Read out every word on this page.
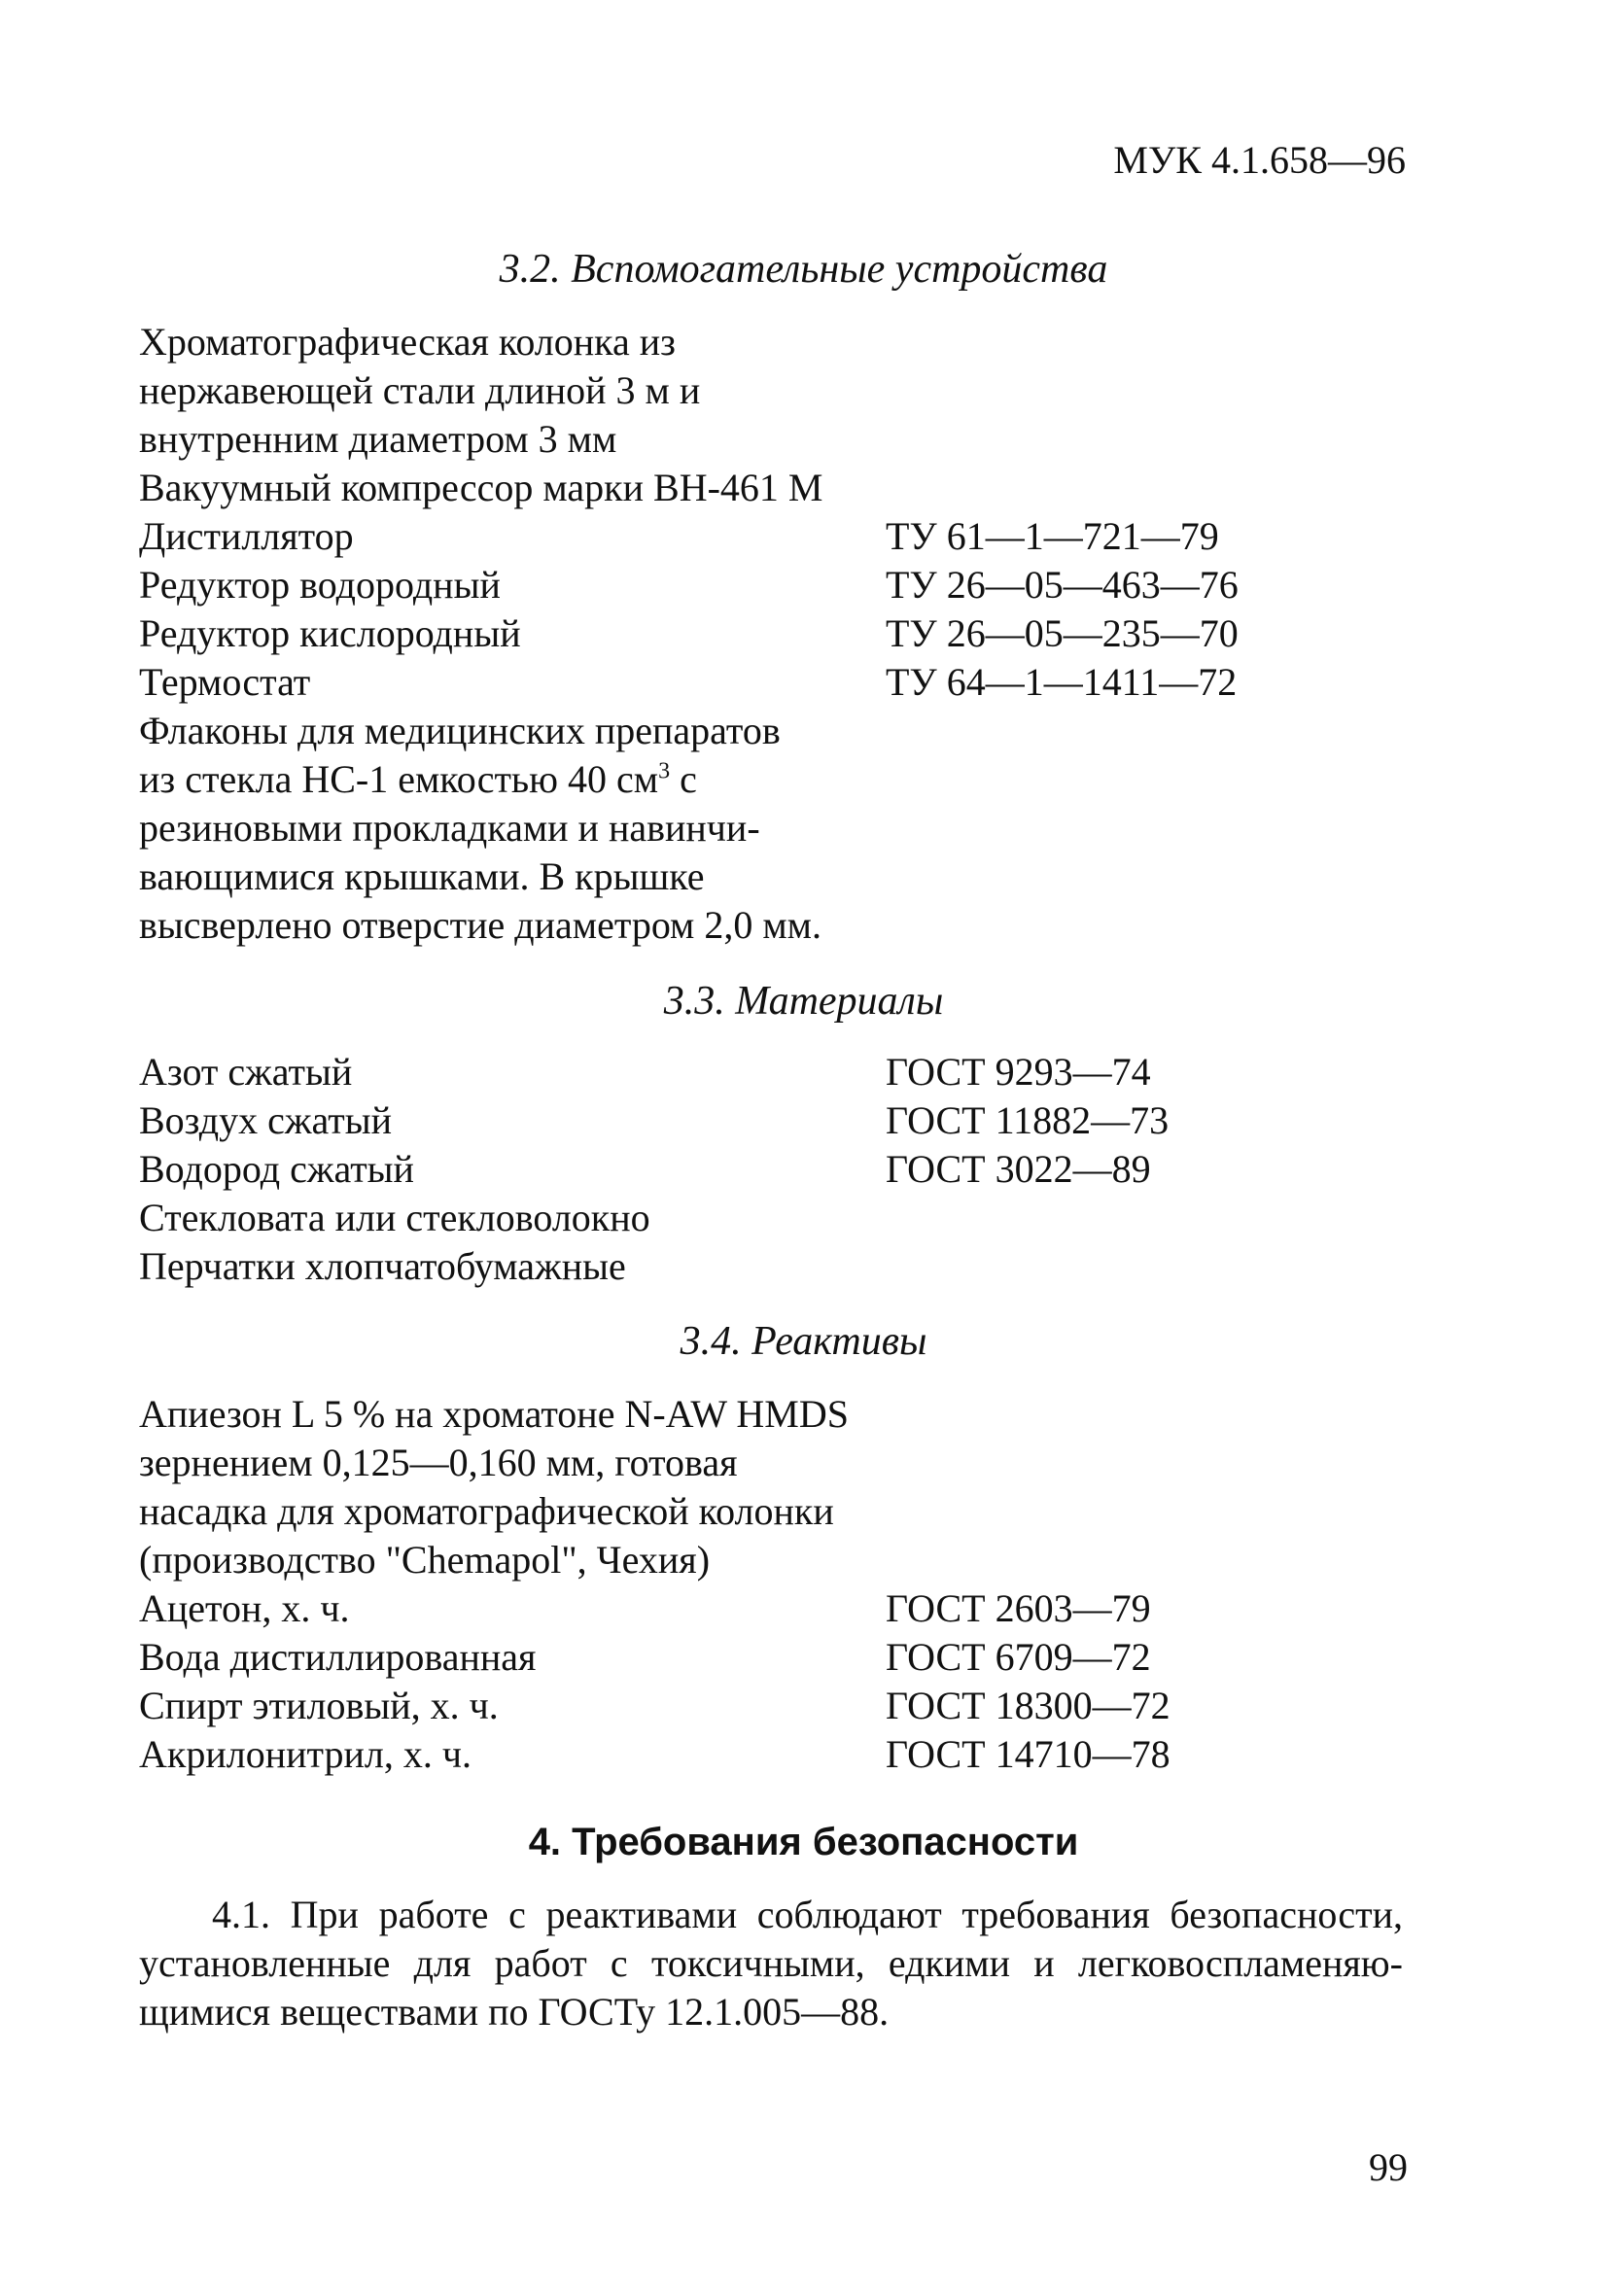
МУК 4.1.658—96
3.2. Вспомогательные устройства
Хроматографическая колонка из
нержавеющей стали длиной 3 м и
внутренним диаметром 3 мм
Вакуумный компрессор марки ВН-461 М
Дистиллятор	ТУ 61—1—721—79
Редуктор водородный	ТУ 26—05—463—76
Редуктор кислородный	ТУ 26—05—235—70
Термостат	ТУ 64—1—1411—72
Флаконы для медицинских препаратов
из стекла НС-1 емкостью 40 $см^3$ с
резиновыми прокладками и навинчи-
вающимися крышками. В крышке
высверлено отверстие диаметром 2,0 мм.
3.3. Материалы
Азот сжатый	ГОСТ 9293—74
Воздух сжатый	ГОСТ 11882—73
Водород сжатый	ГОСТ 3022—89
Стекловата или стекловолокно
Перчатки хлопчатобумажные
3.4. Реактивы
Апиезон L 5 % на хроматоне N-AW HMDS
зернением 0,125—0,160 мм, готовая
насадка для хроматографической колонки
(производство "Chemapol", Чехия)
Ацетон, х. ч.	ГОСТ 2603—79
Вода дистиллированная	ГОСТ 6709—72
Спирт этиловый, х. ч.	ГОСТ 18300—72
Акрилонитрил, х. ч.	ГОСТ 14710—78
4. Требования безопасности
4.1. При работе с реактивами соблюдают требования безопасности,
установленные для работ с токсичными, едкими и легковоспламеняю-
щимися веществами по ГОСТу 12.1.005—88.
99
